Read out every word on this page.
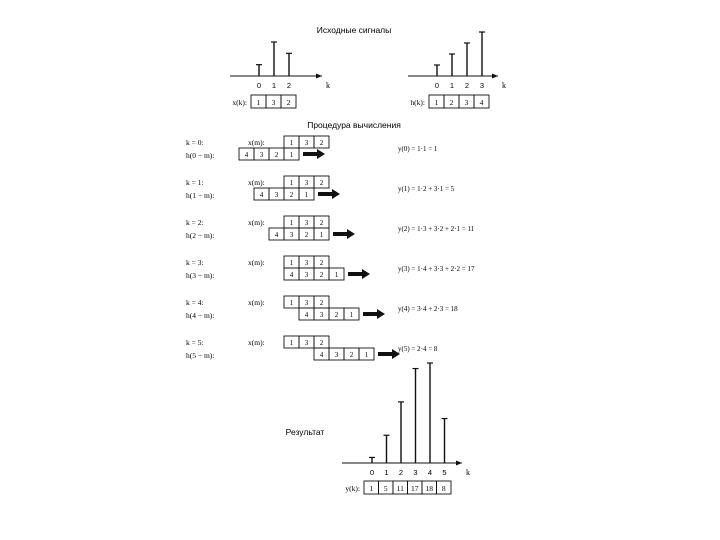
Исходные сигналы
Процедура вычисления
Результат
k
0 1 2	k
0 1 2 3
x(k): 1 3 2	h(k): 1 2 3 4
k = 0:
h(0 − m):
x(m):	1 3 2
4 3 2 1
y(0) = 1·1 = 1
k = 1:
h(1 − m):
x(m):	1 3 2
4 3 2 1
y(1) = 1·2 + 3·1 = 5
k = 2:
h(2 − m):
x(m):	1 3 2
4 3 2 1
y(2) = 1·3 + 3·2 + 2·1 = 11
k = 3:
h(3 − m):
x(m):	1 3 2
4 3 2 1
y(3) = 1·4 + 3·3 + 2·2 = 17
k = 4:
h(4 − m):
x(m):	1 3 2
4 3 2 1
y(4) = 3·4 + 2·3 = 18
k = 5:
h(5 − m):
x(m):	1 3 2
4 3 2 1
y(5) = 2·4 = 8
k
0 1 2 3 4 5
y(k): 1 5 11 17 18 8
